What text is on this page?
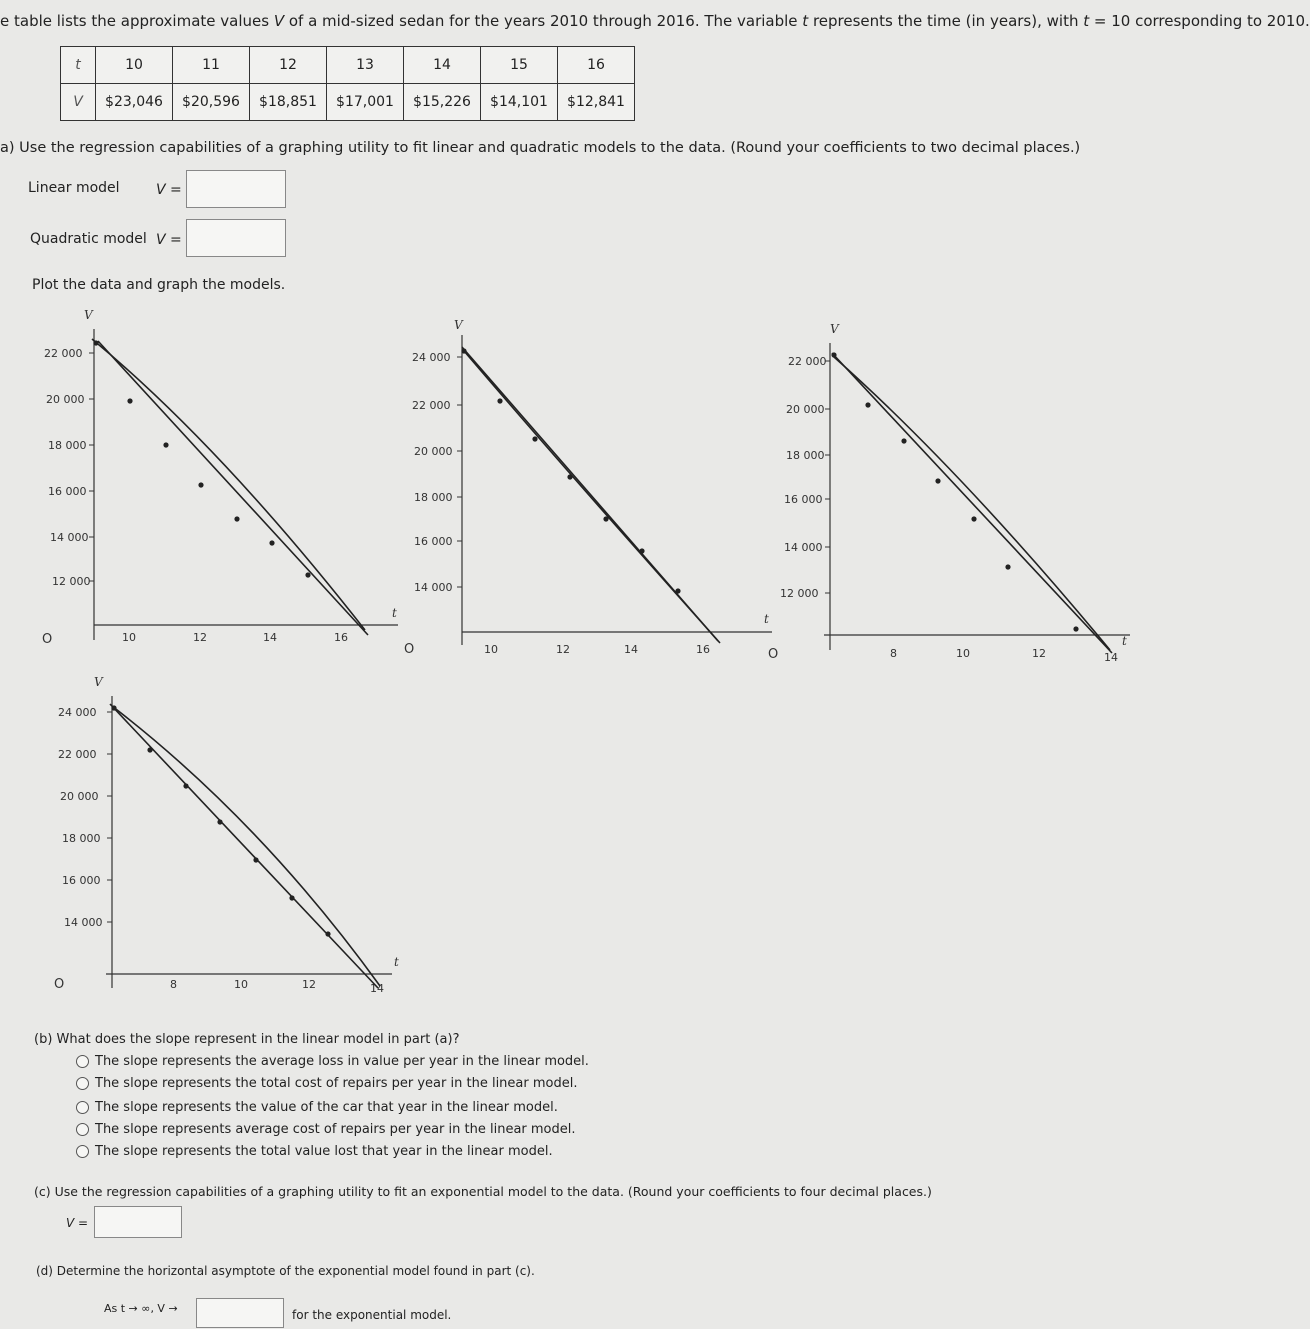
e table lists the approximate values V of a mid-sized sedan for the years 2010 through 2016. The variable t represents the time (in years), with t = 10 corresponding to 2010.
t	10	11	12	13	14	15	16
V	$23,046	$20,596	$18,851	$17,001	$15,226	$14,101	$12,841
a) Use the regression capabilities of a graphing utility to fit linear and quadratic models to the data. (Round your coefficients to two decimal places.)
Linear model	V =
Quadratic model V =
Plot the data and graph the models.
V
t
O
22 000
20 000
18 000
16 000
14 000
12 000
10	12	14	16
V
t
O
24 000
22 000
20 000
18 000
16 000
14 000
10	12	14	16
V
t
O
22 000
20 000
18 000
16 000
14 000
12 000
8	10	12	14
V
t
O
24 000
22 000
20 000
18 000
16 000
14 000
8	10	12	14
(b) What does the slope represent in the linear model in part (a)?
The slope represents the average loss in value per year in the linear model.
The slope represents the total cost of repairs per year in the linear model.
The slope represents the value of the car that year in the linear model.
The slope represents average cost of repairs per year in the linear model.
The slope represents the total value lost that year in the linear model.
(c) Use the regression capabilities of a graphing utility to fit an exponential model to the data. (Round your coefficients to four decimal places.)
V =
(d) Determine the horizontal asymptote of the exponential model found in part (c).
As t → ∞, V →	for the exponential model.
